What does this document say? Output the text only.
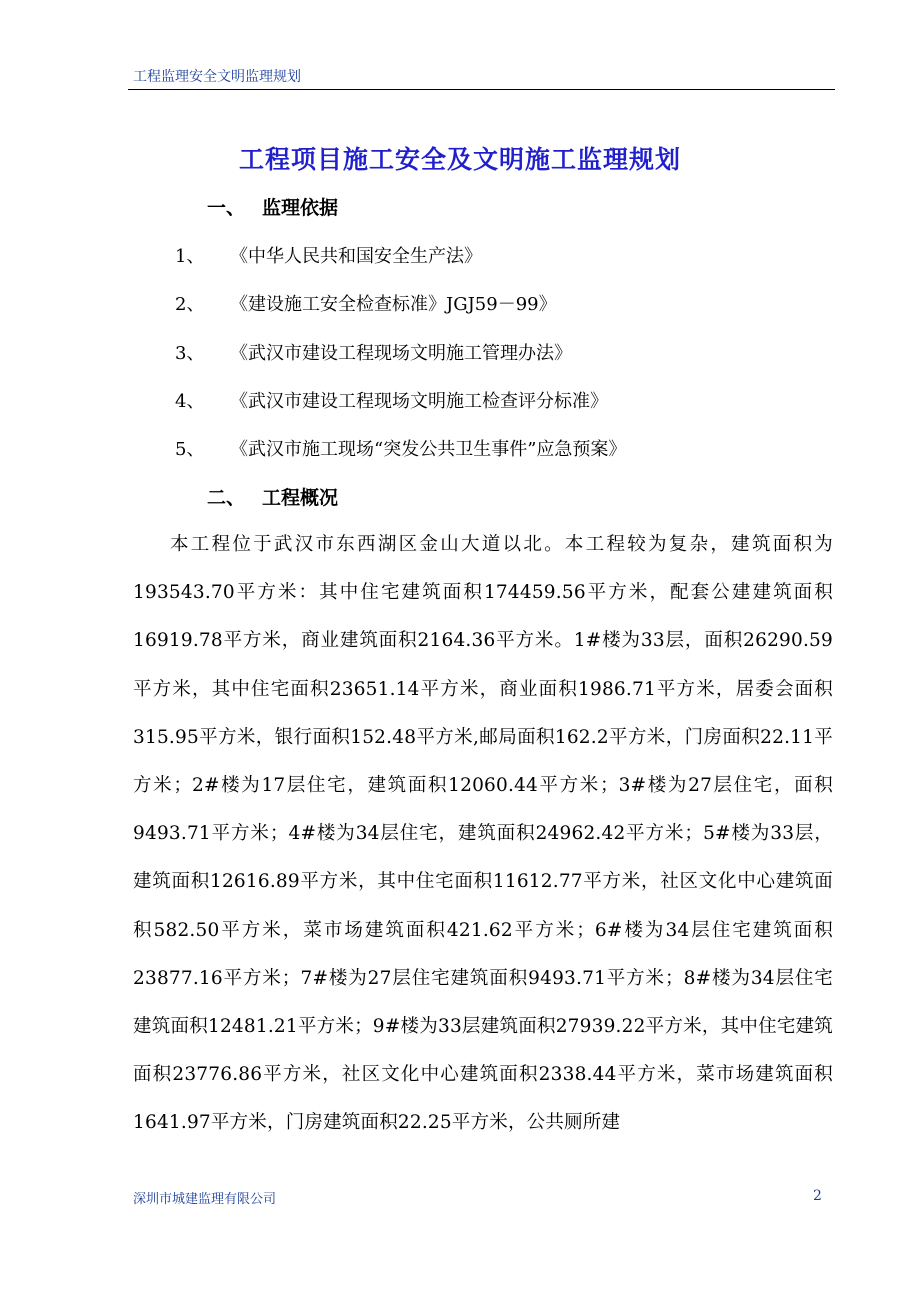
工程监理安全文明监理规划
工程项目施工安全及文明施工监理规划
一、 监理依据
1、 《中华人民共和国安全生产法》
2、 《建设施工安全检查标准》JGJ59－99》
3、 《武汉市建设工程现场文明施工管理办法》
4、 《武汉市建设工程现场文明施工检查评分标准》
5、 《武汉市施工现场“突发公共卫生事件”应急预案》
二、 工程概况

本工程位于武汉市东西湖区金山大道以北。本工程较为复杂，建筑面积为193543.70平方米：其中住宅建筑面积174459.56平方米，配套公建建筑面积16919.78平方米，商业建筑面积2164.36平方米。1#楼为33层，面积26290.59平方米，其中住宅面积23651.14平方米，商业面积1986.71平方米，居委会面积315.95平方米，银行面积152.48平方米,邮局面积162.2平方米，门房面积22.11平方米；2#楼为17层住宅，建筑面积12060.44平方米；3#楼为27层住宅，面积9493.71平方米；4#楼为34层住宅，建筑面积24962.42平方米；5#楼为33层，建筑面积12616.89平方米，其中住宅面积11612.77平方米，社区文化中心建筑面积582.50平方米，菜市场建筑面积421.62平方米；6#楼为34层住宅建筑面积23877.16平方米；7#楼为27层住宅建筑面积9493.71平方米；8#楼为34层住宅建筑面积12481.21平方米；9#楼为33层建筑面积27939.22平方米，其中住宅建筑面积23776.86平方米，社区文化中心建筑面积2338.44平方米，菜市场建筑面积1641.97平方米，门房建筑面积22.25平方米，公共厕所建

深圳市城建监理有限公司	2
